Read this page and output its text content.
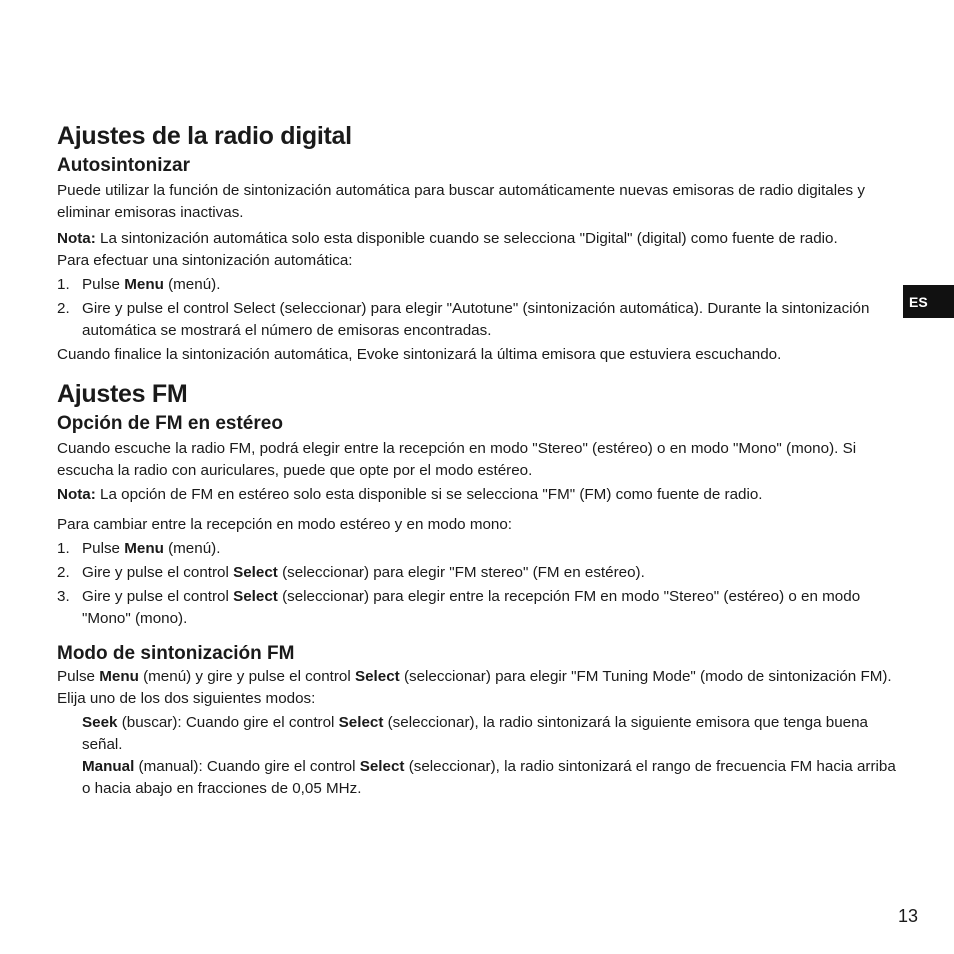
ES
Ajustes de la radio digital
Autosintonizar

Puede utilizar la función de sintonización automática para buscar automáticamente nuevas emisoras de radio digitales y eliminar emisoras inactivas.

Nota: La sintonización automática solo esta disponible cuando se selecciona "Digital" (digital) como fuente de radio.

Para efectuar una sintonización automática:

1. Pulse Menu (menú).
2. Gire y pulse el control Select (seleccionar) para elegir "Autotune" (sintonización automática). Durante la sintonización automática se mostrará el número de emisoras encontradas.

Cuando finalice la sintonización automática, Evoke sintonizará la última emisora que estuviera escuchando.

Ajustes FM
Opción de FM en estéreo

Cuando escuche la radio FM, podrá elegir entre la recepción en modo "Stereo" (estéreo) o en modo "Mono" (mono). Si escucha la radio con auriculares, puede que opte por el modo estéreo.

Nota: La opción de FM en estéreo solo esta disponible si se selecciona "FM" (FM) como fuente de radio.

Para cambiar entre la recepción en modo estéreo y en modo mono:

1. Pulse Menu (menú).
2. Gire y pulse el control Select (seleccionar) para elegir "FM stereo" (FM en estéreo).
3. Gire y pulse el control Select (seleccionar) para elegir entre la recepción FM en modo "Stereo" (estéreo) o en modo "Mono" (mono).
Modo de sintonización FM

Pulse Menu (menú) y gire y pulse el control Select (seleccionar) para elegir "FM Tuning Mode" (modo de sintonización FM). Elija uno de los dos siguientes modos:

Seek (buscar): Cuando gire el control Select (seleccionar), la radio sintonizará la siguiente emisora que tenga buena señal.

Manual (manual): Cuando gire el control Select (seleccionar), la radio sintonizará el rango de frecuencia FM hacia arriba o hacia abajo en fracciones de 0,05 MHz.

13
